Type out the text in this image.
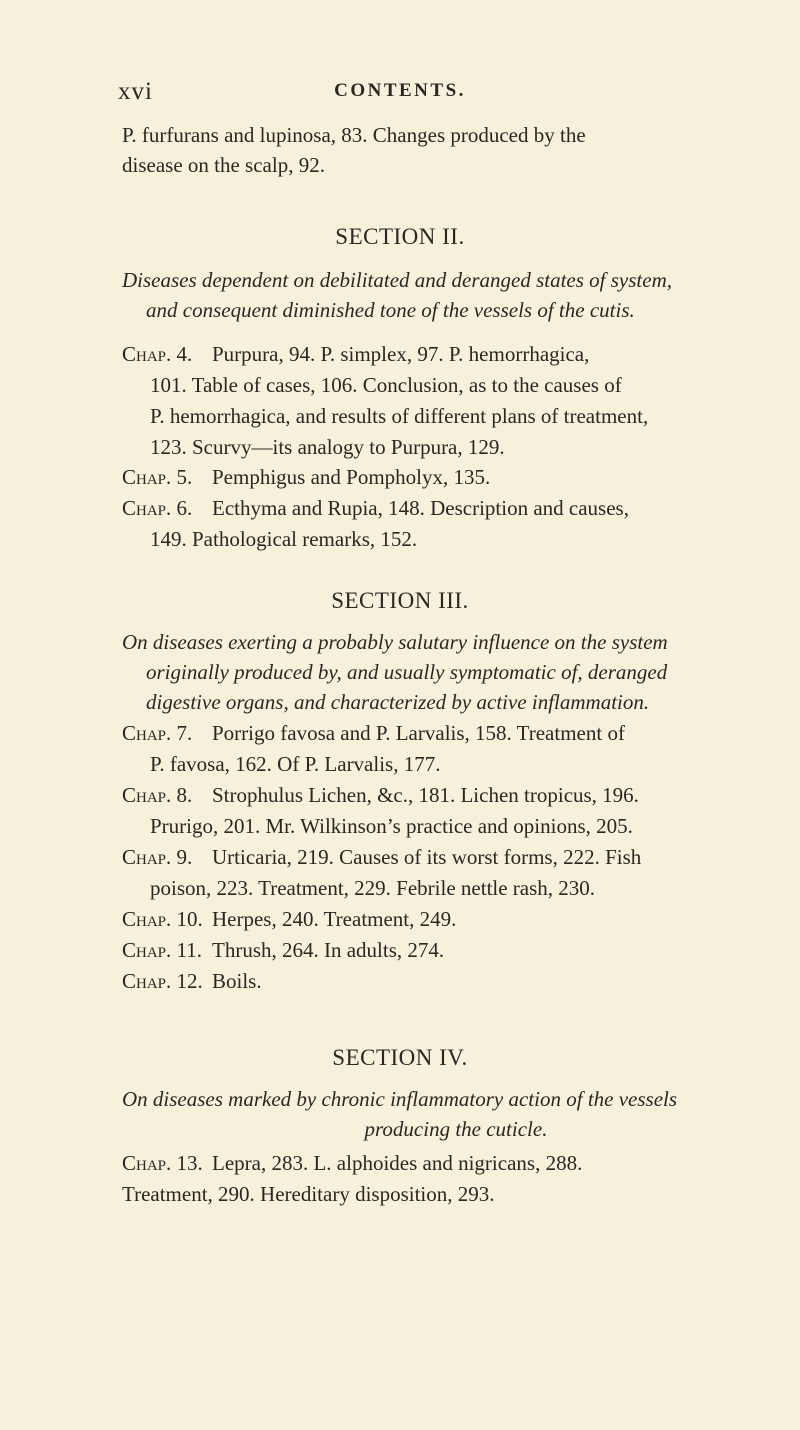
xvi	CONTENTS.
P. furfurans and lupinosa, 83. Changes produced by the
disease on the scalp, 92.
SECTION II.
Diseases dependent on debilitated and deranged states of system,
and consequent diminished tone of the vessels of the cutis.
Chap. 4. Purpura, 94. P. simplex, 97. P. hemorrhagica,
101. Table of cases, 106. Conclusion, as to the causes of
P. hemorrhagica, and results of different plans of treatment,
123. Scurvy—its analogy to Purpura, 129.
Chap. 5. Pemphigus and Pompholyx, 135.
Chap. 6. Ecthyma and Rupia, 148. Description and causes,
149. Pathological remarks, 152.
SECTION III.
On diseases exerting a probably salutary influence on the system
originally produced by, and usually symptomatic of, deranged
digestive organs, and characterized by active inflammation.
Chap. 7. Porrigo favosa and P. Larvalis, 158. Treatment of
P. favosa, 162. Of P. Larvalis, 177.
Chap. 8. Strophulus Lichen, &c., 181. Lichen tropicus, 196.
Prurigo, 201. Mr. Wilkinson’s practice and opinions, 205.
Chap. 9. Urticaria, 219. Causes of its worst forms, 222. Fish
poison, 223. Treatment, 229. Febrile nettle rash, 230.
Chap. 10. Herpes, 240. Treatment, 249.
Chap. 11. Thrush, 264. In adults, 274.
Chap. 12. Boils.
SECTION IV.
On diseases marked by chronic inflammatory action of the vessels
producing the cuticle.
Chap. 13. Lepra, 283. L. alphoides and nigricans, 288.
Treatment, 290. Hereditary disposition, 293.
